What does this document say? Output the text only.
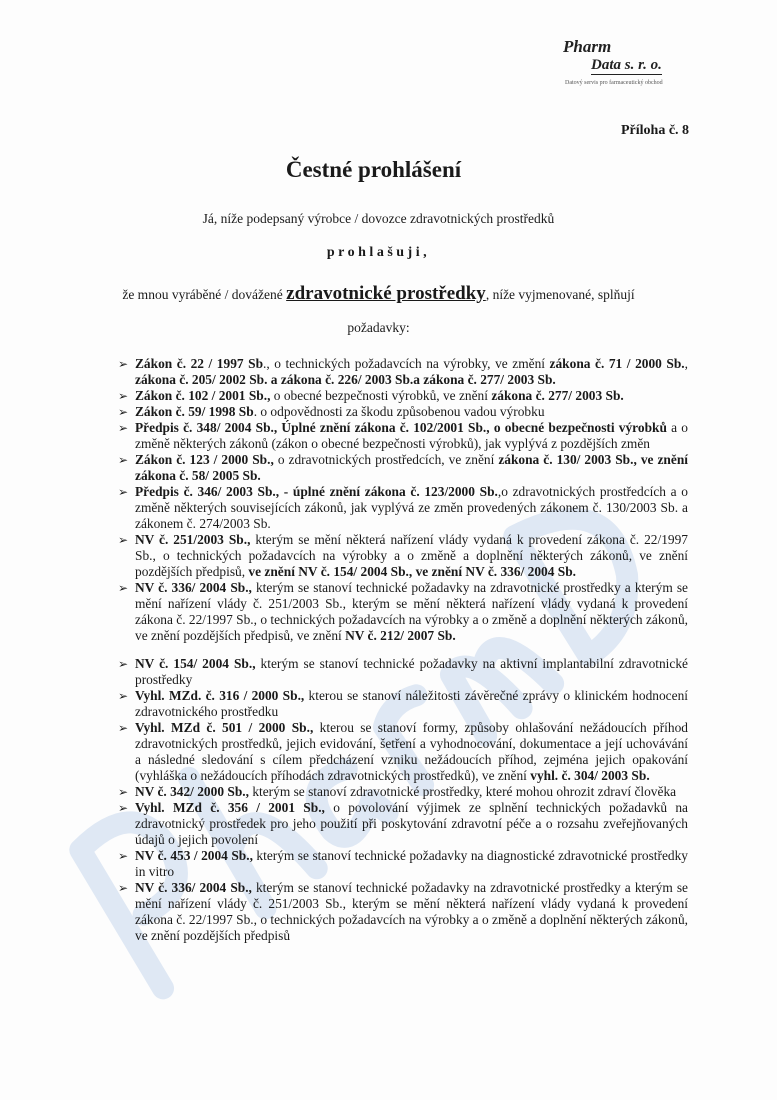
Pharm
Data s. r. o.
Datový servis pro farmaceutický obchod
Příloha č. 8
Čestné prohlášení
Já, níže podepsaný výrobce / dovozce zdravotnických prostředků
prohlašuji,
že mnou vyráběné / dovážené zdravotnické prostředky, níže vyjmenované, splňují
požadavky:
➢ Zákon č. 22 / 1997 Sb., o technických požadavcích na výrobky, ve změní zákona č. 71 / 2000 Sb., zákona č. 205/ 2002 Sb. a zákona č. 226/ 2003 Sb.a zákona č. 277/ 2003 Sb.
➢ Zákon č. 102 / 2001 Sb., o obecné bezpečnosti výrobků, ve znění zákona č. 277/ 2003 Sb.
➢ Zákon č. 59/ 1998 Sb. o odpovědnosti za škodu způsobenou vadou výrobku
➢ Předpis č. 348/ 2004 Sb., Úplné znění zákona č. 102/2001 Sb., o obecné bezpečnosti výrobků a o změně některých zákonů (zákon o obecné bezpečnosti výrobků), jak vyplývá z pozdějších změn
➢ Zákon č. 123 / 2000 Sb., o zdravotnických prostředcích, ve znění zákona č. 130/ 2003 Sb., ve znění zákona č. 58/ 2005 Sb.
➢ Předpis č. 346/ 2003 Sb., - úplné znění zákona č. 123/2000 Sb.,o zdravotnických prostředcích a o změně některých souvisejících zákonů, jak vyplývá ze změn provedených zákonem č. 130/2003 Sb. a zákonem č. 274/2003 Sb.
➢ NV č. 251/2003 Sb., kterým se mění některá nařízení vlády vydaná k provedení zákona č. 22/1997 Sb., o technických požadavcích na výrobky a o změně a doplnění některých zákonů, ve znění pozdějších předpisů, ve znění NV č. 154/ 2004 Sb., ve znění NV č. 336/ 2004 Sb.
➢ NV č. 336/ 2004 Sb., kterým se stanoví technické požadavky na zdravotnické prostředky a kterým se mění nařízení vlády č. 251/2003 Sb., kterým se mění některá nařízení vlády vydaná k provedení zákona č. 22/1997 Sb., o technických požadavcích na výrobky a o změně a doplnění některých zákonů, ve znění pozdějších předpisů, ve znění NV č. 212/ 2007 Sb.
➢ NV č. 154/ 2004 Sb., kterým se stanoví technické požadavky na aktivní implantabilní zdravotnické prostředky
➢ Vyhl. MZd. č. 316 / 2000 Sb., kterou se stanoví náležitosti závěrečné zprávy o klinickém hodnocení zdravotnického prostředku
➢ Vyhl. MZd č. 501 / 2000 Sb., kterou se stanoví formy, způsoby ohlašování nežádoucích příhod zdravotnických prostředků, jejich evidování, šetření a vyhodnocování, dokumentace a její uchovávání a následné sledování s cílem předcházení vzniku nežádoucích příhod, zejména jejich opakování (vyhláška o nežádoucích příhodách zdravotnických prostředků), ve znění vyhl. č. 304/ 2003 Sb.
➢ NV č. 342/ 2000 Sb., kterým se stanoví zdravotnické prostředky, které mohou ohrozit zdraví člověka
➢ Vyhl. MZd č. 356 / 2001 Sb., o povolování výjimek ze splnění technických požadavků na zdravotnický prostředek pro jeho použití při poskytování zdravotní péče a o rozsahu zveřejňovaných údajů o jejich povolení
➢ NV č. 453 / 2004 Sb., kterým se stanoví technické požadavky na diagnostické zdravotnické prostředky in vitro
➢ NV č. 336/ 2004 Sb., kterým se stanoví technické požadavky na zdravotnické prostředky a kterým se mění nařízení vlády č. 251/2003 Sb., kterým se mění některá nařízení vlády vydaná k provedení zákona č. 22/1997 Sb., o technických požadavcích na výrobky a o změně a doplnění některých zákonů, ve znění pozdějších předpisů
